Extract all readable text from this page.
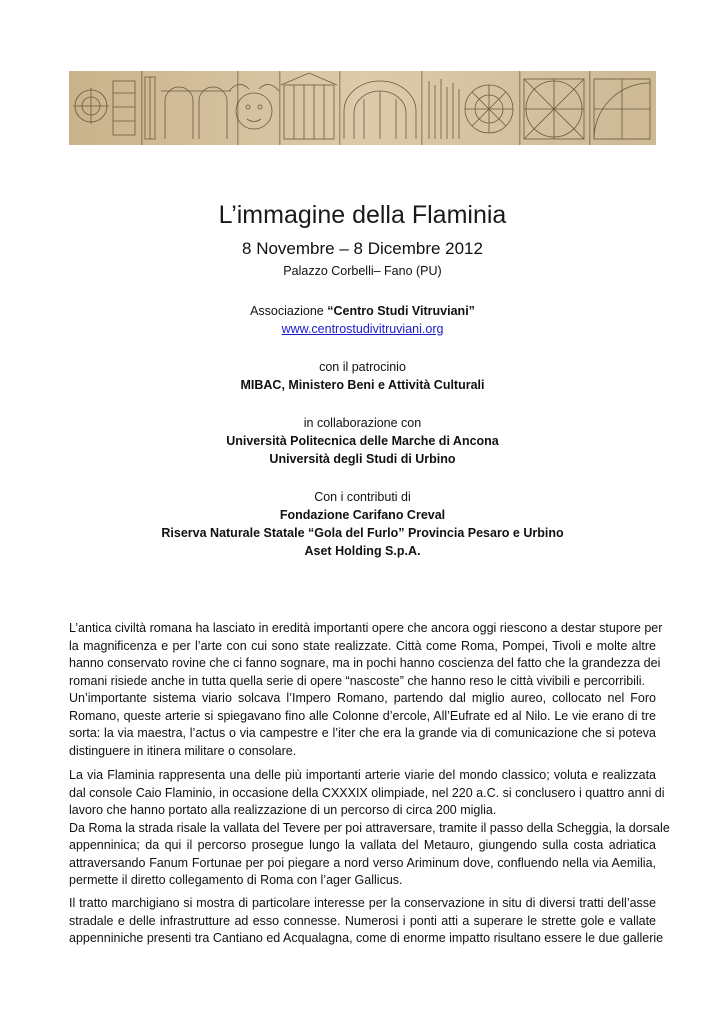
L’immagine della Flaminia
8 Novembre – 8 Dicembre 2012
Palazzo Corbelli– Fano (PU)
Associazione “Centro Studi Vitruviani”
www.centrostudivitruviani.org
con il patrocinio
MIBAC, Ministero Beni e Attività Culturali
in collaborazione con
Università Politecnica delle Marche di Ancona
Università degli Studi di Urbino
Con i contributi di
Fondazione Carifano Creval
Riserva Naturale Statale “Gola del Furlo” Provincia Pesaro e Urbino
Aset Holding S.p.A.
L’antica civiltà romana ha lasciato in eredità importanti opere che ancora oggi riescono a destar stupore per
la magnificenza e per l’arte con cui sono state realizzate. Città come Roma, Pompei, Tivoli e molte altre
hanno conservato rovine che ci fanno sognare, ma in pochi hanno coscienza del fatto che la grandezza dei
romani risiede anche in tutta quella serie di opere “nascoste” che hanno reso le città vivibili e percorribili.
Un’importante sistema viario solcava l’Impero Romano, partendo dal miglio aureo, collocato nel Foro
Romano, queste arterie si spiegavano fino alle Colonne d’ercole, All’Eufrate ed al Nilo. Le vie erano di tre
sorta: la via maestra, l’actus o via campestre e l’iter che era la grande via di comunicazione che si poteva
distinguere in itinera militare o consolare.
La via Flaminia rappresenta una delle più importanti arterie viarie del mondo classico; voluta e realizzata
dal console Caio Flaminio, in occasione della CXXXIX olimpiade, nel 220 a.C. si conclusero i quattro anni di
lavoro che hanno portato alla realizzazione di un percorso di circa 200 miglia.
Da Roma la strada risale la vallata del Tevere per poi attraversare, tramite il passo della Scheggia, la dorsale
appenninica; da qui il percorso prosegue lungo la vallata del Metauro, giungendo sulla costa adriatica
attraversando Fanum Fortunae per poi piegare a nord verso Ariminum dove, confluendo nella via Aemilia,
permette il diretto collegamento di Roma con l’ager Gallicus.
Il tratto marchigiano si mostra di particolare interesse per la conservazione in situ di diversi tratti dell’asse
stradale e delle infrastrutture ad esso connesse. Numerosi i ponti atti a superare le strette gole e vallate
appenniniche presenti tra Cantiano ed Acqualagna, come di enorme impatto risultano essere le due gallerie
